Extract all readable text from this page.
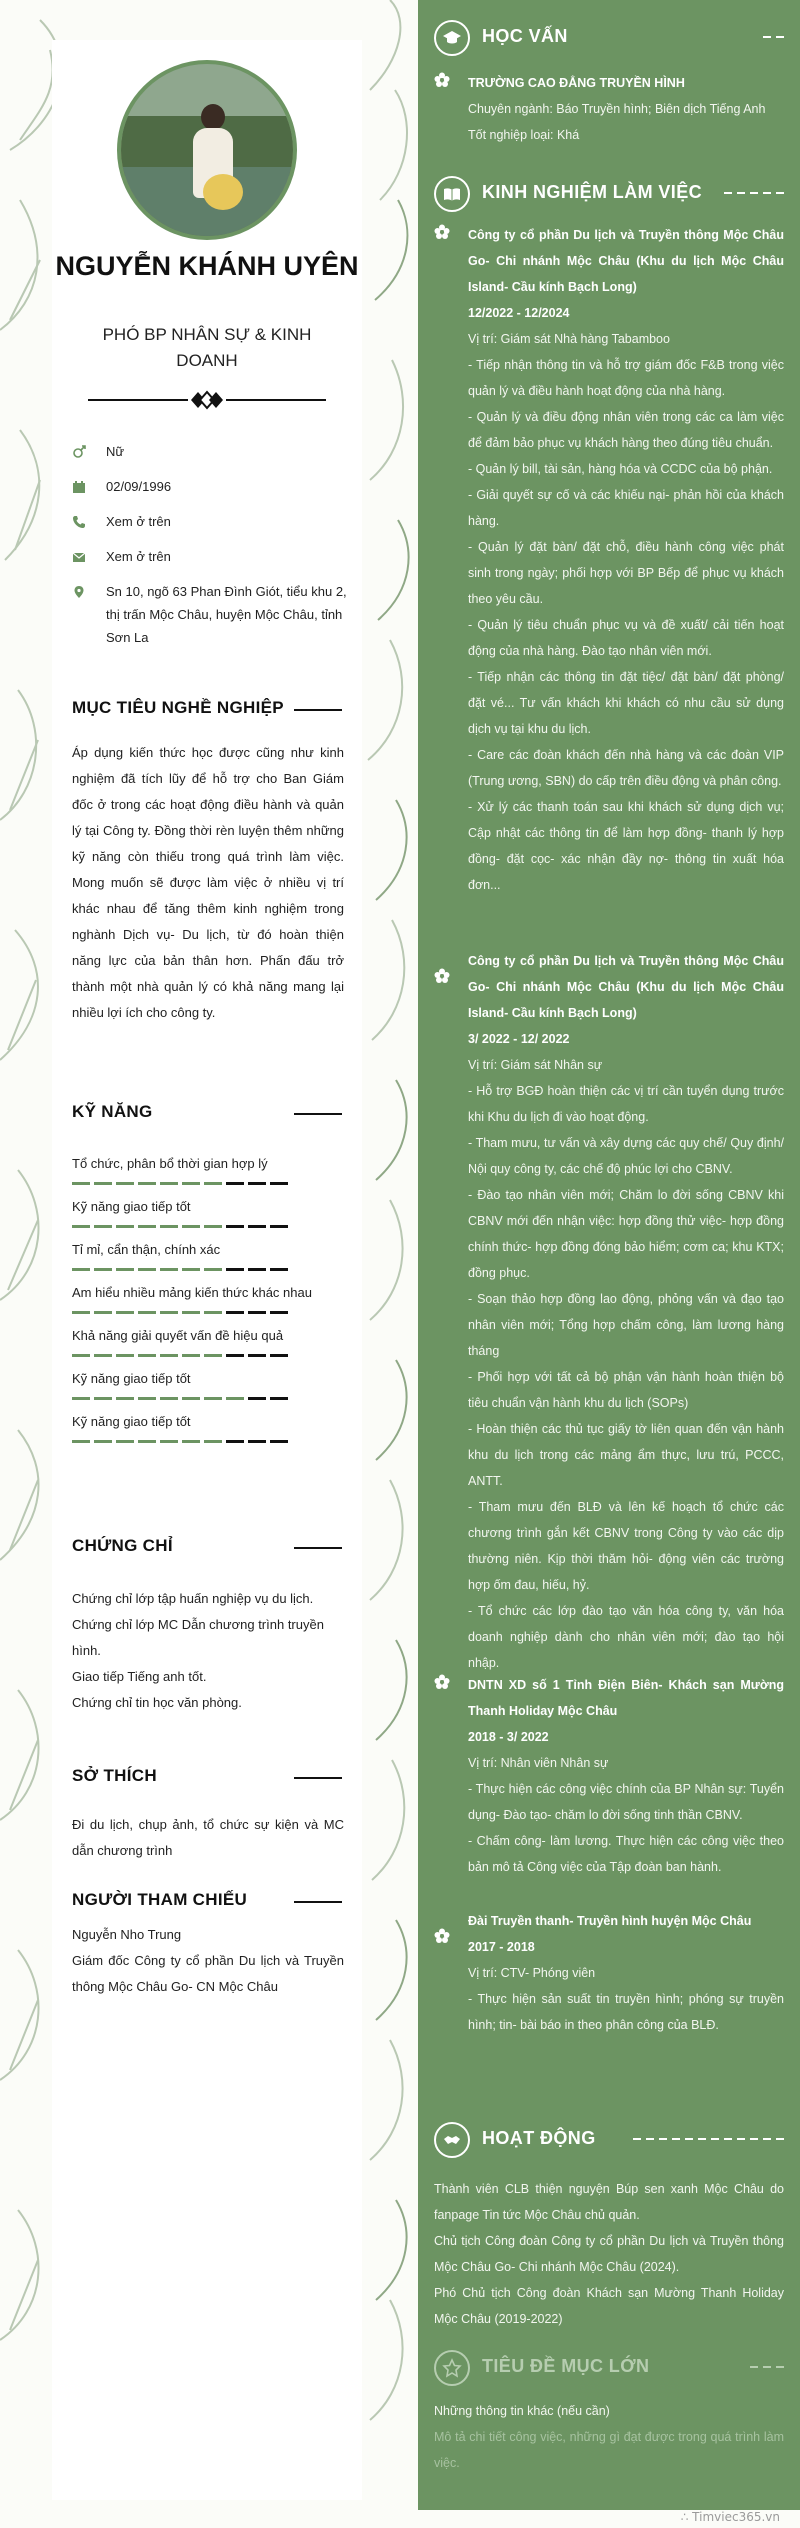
NGUYỄN KHÁNH UYÊN
PHÓ BP NHÂN SỰ & KINH DOANH
Nữ
02/09/1996
Xem ở trên
Xem ở trên
Sn 10, ngõ 63 Phan Đình Giót, tiểu khu 2, thị trấn Mộc Châu, huyện Mộc Châu, tỉnh Sơn La
MỤC TIÊU NGHỀ NGHIỆP
Áp dụng kiến thức học được cũng như kinh nghiệm đã tích lũy để hỗ trợ cho Ban Giám đốc ở trong các hoạt động điều hành và quản lý tại Công ty. Đồng thời rèn luyện thêm những kỹ năng còn thiếu trong quá trình làm việc. Mong muốn sẽ được làm việc ở nhiều vị trí khác nhau để tăng thêm kinh nghiệm trong nghành Dịch vụ- Du lịch, từ đó hoàn thiện năng lực của bản thân hơn. Phấn đấu trở thành một nhà quản lý có khả năng mang lại nhiều lợi ích cho công ty.
KỸ NĂNG
Tổ chức, phân bổ thời gian hợp lý
Kỹ năng giao tiếp tốt
Tỉ mỉ, cẩn thận, chính xác
Am hiểu nhiều mảng kiến thức khác nhau
Khả năng giải quyết vấn đề hiệu quả
Kỹ năng giao tiếp tốt
Kỹ năng giao tiếp tốt
CHỨNG CHỈ
Chứng chỉ lớp tập huấn nghiệp vụ du lịch.
Chứng chỉ lớp MC Dẫn chương trình truyền hình.
Giao tiếp Tiếng anh tốt.
Chứng chỉ tin học văn phòng.
SỞ THÍCH
Đi du lịch, chụp ảnh, tổ chức sự kiện và MC dẫn chương trình
NGƯỜI THAM CHIẾU
Nguyễn Nho Trung
Giám đốc Công ty cổ phần Du lịch và Truyền thông Mộc Châu Go- CN Mộc Châu
HỌC VẤN
TRƯỜNG CAO ĐẲNG TRUYỀN HÌNH
Chuyên ngành: Báo Truyền hình; Biên dịch Tiếng Anh
Tốt nghiệp loại: Khá
KINH NGHIỆM LÀM VIỆC
Công ty cổ phần Du lịch và Truyền thông Mộc Châu Go- Chi nhánh Mộc Châu (Khu du lịch Mộc Châu Island- Cầu kính Bạch Long)
12/2022 - 12/2024
Vị trí: Giám sát Nhà hàng Tabamboo
- Tiếp nhận thông tin và hỗ trợ giám đốc F&B trong việc quản lý và điều hành hoạt động của nhà hàng.
- Quản lý và điều động nhân viên trong các ca làm việc để đảm bảo phục vụ khách hàng theo đúng tiêu chuẩn.
- Quản lý bill, tài sản, hàng hóa và CCDC của bộ phận.
- Giải quyết sự cố và các khiếu nại- phản hồi của khách hàng.
- Quản lý đặt bàn/ đặt chỗ, điều hành công việc phát sinh trong ngày; phối hợp với BP Bếp để phục vụ khách theo yêu cầu.
- Quản lý tiêu chuẩn phục vụ và đề xuất/ cải tiến hoạt động của nhà hàng. Đào tạo nhân viên mới.
- Tiếp nhận các thông tin đặt tiệc/ đặt bàn/ đặt phòng/ đặt vé... Tư vấn khách khi khách có nhu cầu sử dụng dịch vụ tại khu du lịch.
- Care các đoàn khách đến nhà hàng và các đoàn VIP (Trung ương, SBN) do cấp trên điều động và phân công.
- Xử lý các thanh toán sau khi khách sử dụng dịch vụ; Cập nhật các thông tin để làm hợp đồng- thanh lý hợp đồng- đặt cọc- xác nhận đầy nợ- thông tin xuất hóa đơn...
Công ty cổ phần Du lịch và Truyền thông Mộc Châu Go- Chi nhánh Mộc Châu (Khu du lịch Mộc Châu Island- Cầu kính Bạch Long)
3/ 2022 - 12/ 2022
Vị trí: Giám sát Nhân sự
- Hỗ trợ BGĐ hoàn thiện các vị trí cần tuyển dụng trước khi Khu du lịch đi vào hoạt động.
- Tham mưu, tư vấn và xây dựng các quy chế/ Quy định/ Nội quy công ty, các chế độ phúc lợi cho CBNV.
- Đào tạo nhân viên mới; Chăm lo đời sống CBNV khi CBNV mới đến nhận việc: hợp đồng thử việc- hợp đồng chính thức- hợp đồng đóng bảo hiểm; cơm ca; khu KTX; đồng phục.
- Soạn thảo hợp đồng lao động, phỏng vấn và đạo tạo nhân viên mới; Tổng hợp chấm công, làm lương hàng tháng
- Phối hợp với tất cả bộ phận vận hành hoàn thiện bộ tiêu chuẩn vận hành khu du lịch (SOPs)
- Hoàn thiện các thủ tục giấy tờ liên quan đến vận hành khu du lịch trong các mảng ẩm thực, lưu trú, PCCC, ANTT.
- Tham mưu đến BLĐ và lên kế hoạch tổ chức các chương trình gắn kết CBNV trong Công ty vào các dịp thường niên. Kịp thời thăm hỏi- động viên các trường hợp ốm đau, hiếu, hỷ.
- Tổ chức các lớp đào tạo văn hóa công ty, văn hóa doanh nghiệp dành cho nhân viên mới; đào tạo hội nhập.
DNTN XD số 1 Tỉnh Điện Biên- Khách sạn Mường Thanh Holiday Mộc Châu
2018 - 3/ 2022
Vị trí: Nhân viên Nhân sự
- Thực hiện các công việc chính của BP Nhân sự: Tuyển dụng- Đào tạo- chăm lo đời sống tinh thần CBNV.
- Chấm công- làm lương. Thực hiện các công việc theo bản mô tả Công việc của Tập đoàn ban hành.
Đài Truyền thanh- Truyền hình huyện Mộc Châu
2017 - 2018
Vị trí: CTV- Phóng viên
- Thực hiện sản suất tin truyền hình; phóng sự truyền hình; tin- bài báo in theo phân công của BLĐ.
HOẠT ĐỘNG
Thành viên CLB thiện nguyện Búp sen xanh Mộc Châu do fanpage Tin tức Mộc Châu chủ quản.
Chủ tịch Công đoàn Công ty cổ phần Du lịch và Truyền thông Mộc Châu Go- Chi nhánh Mộc Châu (2024).
Phó Chủ tịch Công đoàn Khách sạn Mường Thanh Holiday Mộc Châu (2019-2022)
TIÊU ĐỀ MỤC LỚN
Những thông tin khác (nếu cần)
Mô tả chi tiết công việc, những gì đạt được trong quá trình làm việc.
∴ Timviec365.vn
